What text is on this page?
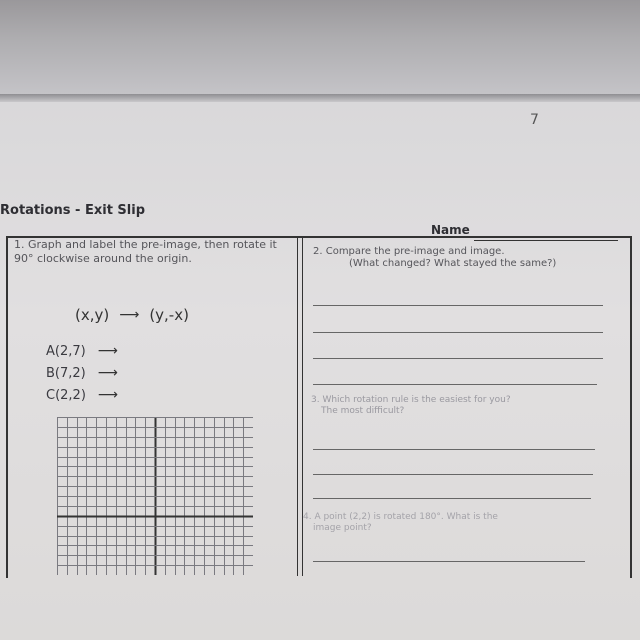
7
Rotations - Exit Slip
Name
1. Graph and label the pre-image, then rotate it 90° clockwise around the origin.
(x,y) ⟶ (y,-x)
A(2,7) ⟶
B(7,2) ⟶
C(2,2) ⟶
2. Compare the pre-image and image.
(What changed? What stayed the same?)
3. Which rotation rule is the easiest for you?
The most difficult?
4. A point (2,2) is rotated 180°. What is the
image point?
